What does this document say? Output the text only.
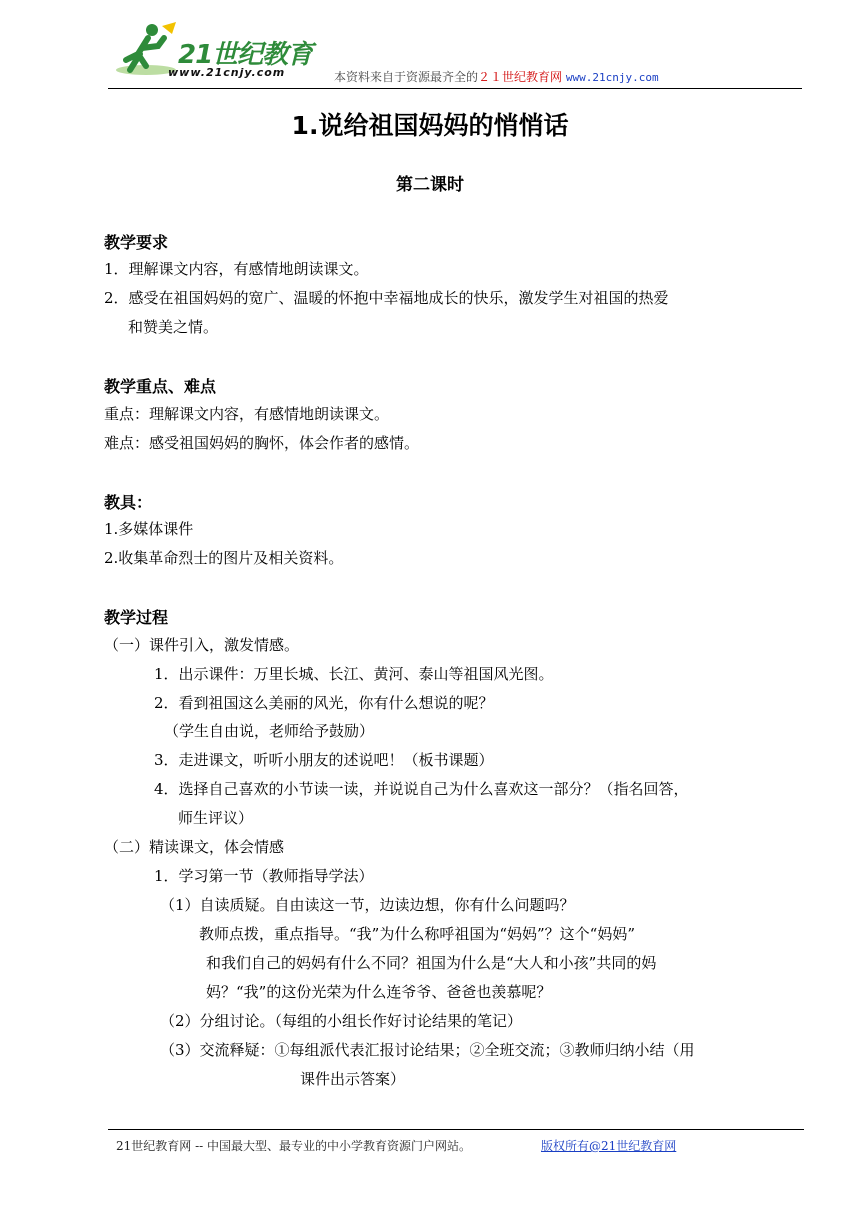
21世纪教育
www.21cnjy.com	本资料来自于资源最齐全的２１世纪教育网 www.21cnjy.com
1.说给祖国妈妈的悄悄话
第二课时
教学要求
1．理解课文内容，有感情地朗读课文。
2．感受在祖国妈妈的宽广、温暖的怀抱中幸福地成长的快乐，激发学生对祖国的热爱
和赞美之情。
教学重点、难点
重点：理解课文内容，有感情地朗读课文。
难点：感受祖国妈妈的胸怀，体会作者的感情。
教具：
1.多媒体课件
2.收集革命烈士的图片及相关资料。
教学过程
（一）课件引入，激发情感。
1．出示课件：万里长城、长江、黄河、泰山等祖国风光图。
2．看到祖国这么美丽的风光，你有什么想说的呢？
（学生自由说，老师给予鼓励）
3．走进课文，听听小朋友的述说吧！（板书课题）
4．选择自己喜欢的小节读一读，并说说自己为什么喜欢这一部分？（指名回答，
师生评议）
（二）精读课文，体会情感
1．学习第一节（教师指导学法）
（1）自读质疑。自由读这一节，边读边想，你有什么问题吗？
教师点拨，重点指导。“我”为什么称呼祖国为“妈妈”？这个“妈妈”
和我们自己的妈妈有什么不同？祖国为什么是“大人和小孩”共同的妈
妈？“我”的这份光荣为什么连爷爷、爸爸也羡慕呢？
（2）分组讨论。（每组的小组长作好讨论结果的笔记）
（3）交流释疑：①每组派代表汇报讨论结果；②全班交流；③教师归纳小结（用
课件出示答案）
21世纪教育网 -- 中国最大型、最专业的中小学教育资源门户网站。	版权所有@21世纪教育网
